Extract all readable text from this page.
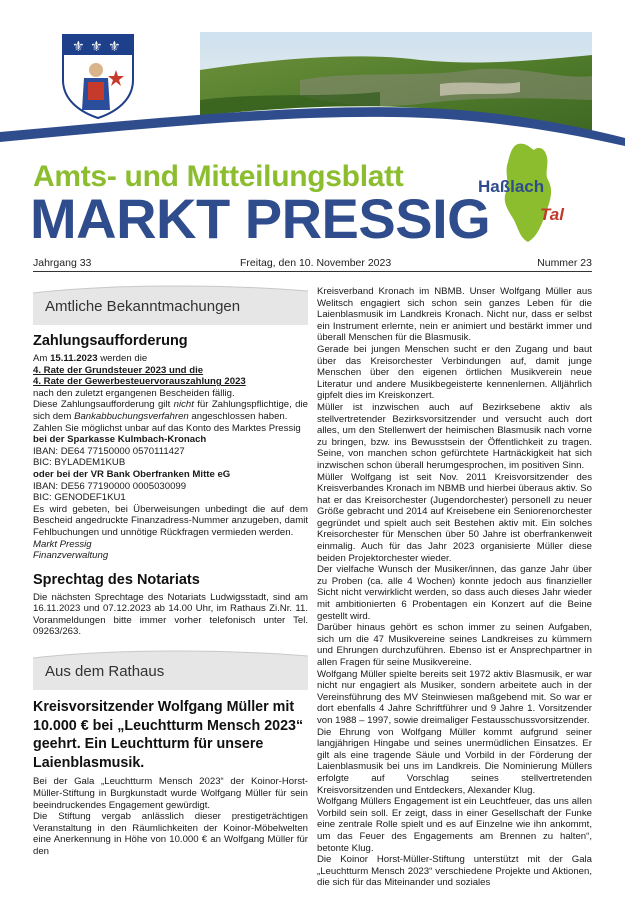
⚜ ⚜ ⚜
Amts- und Mitteilungsblatt
MARKT PRESSIG
Haßlach
Tal
Jahrgang 33	Freitag, den 10. November 2023	Nummer 23
Amtliche Bekanntmachungen
Zahlungsaufforderung

Am 15.11.2023 werden die

4. Rate der Grundsteuer 2023 und die

4. Rate der Gewerbesteuervorauszahlung 2023

nach den zuletzt ergangenen Bescheiden fällig.

Diese Zahlungsaufforderung gilt nicht für Zahlungspflichtige, die sich dem Bankabbuchungsverfahren angeschlossen haben.

Zahlen Sie möglichst unbar auf das Konto des Marktes Pressig

bei der Sparkasse Kulmbach-Kronach

IBAN: DE64 77150000 0570111427

BIC: BYLADEM1KUB

oder bei der VR Bank Oberfranken Mitte eG

IBAN: DE56 77190000 0005030099

BIC: GENODEF1KU1

Es wird gebeten, bei Überweisungen unbedingt die auf dem Bescheid angedruckte Finanzadress-Nummer anzugeben, damit Fehlbuchungen und unnötige Rückfragen vermieden werden.

Markt Pressig

Finanzverwaltung

Sprechtag des Notariats

Die nächsten Sprechtage des Notariats Ludwigsstadt, sind am 16.11.2023 und 07.12.2023 ab 14.00 Uhr, im Rathaus Zi.Nr. 11. Voranmeldungen bitte immer vorher telefonisch unter Tel. 09263/263.

Aus dem Rathaus
Kreisvorsitzender Wolfgang Müller mit 10.000 € bei „Leuchtturm Mensch 2023“ geehrt. Ein Leuchtturm für unsere Laienblasmusik.

Bei der Gala „Leuchtturm Mensch 2023“ der Koinor-Horst-Müller-Stiftung in Burgkunstadt wurde Wolfgang Müller für sein beeindruckendes Engagement gewürdigt.

Die Stiftung vergab anlässlich dieser prestigeträchtigen Veranstaltung in den Räumlichkeiten der Koinor-Möbelwelten eine Anerkennung in Höhe von 10.000 € an Wolfgang Müller für den

Kreisverband Kronach im NBMB. Unser Wolfgang Müller aus Welitsch engagiert sich schon sein ganzes Leben für die Laienblasmusik im Landkreis Kronach. Nicht nur, dass er selbst ein Instrument erlernte, nein er animiert und bestärkt immer und überall Menschen für die Blasmusik.

Gerade bei jungen Menschen sucht er den Zugang und baut über das Kreisorchester Verbindungen auf, damit junge Menschen über den eigenen örtlichen Musikverein neue Literatur und andere Musikbegeisterte kennenlernen. Alljährlich gipfelt dies im Kreiskonzert.

Müller ist inzwischen auch auf Bezirksebene aktiv als stellvertretender Bezirksvorsitzender und versucht auch dort alles, um den Stellenwert der heimischen Blasmusik nach vorne zu bringen, bzw. ins Bewusstsein der Öffentlichkeit zu tragen. Seine, von manchen schon gefürchtete Hartnäckigkeit hat sich inzwischen schon überall herumgesprochen, im positiven Sinn.

Müller Wolfgang ist seit Nov. 2011 Kreisvorsitzender des Kreisverbandes Kronach im NBMB und hierbei überaus aktiv. So hat er das Kreisorchester (Jugendorchester) personell zu neuer Größe gebracht und 2014 auf Kreisebene ein Seniorenorchester gegründet und spielt auch seit Bestehen aktiv mit. Ein solches Kreisorchester für Menschen über 50 Jahre ist oberfrankenweit einmalig. Auch für das Jahr 2023 organisierte Müller diese beiden Projektorchester wieder.

Der vielfache Wunsch der Musiker/innen, das ganze Jahr über zu Proben (ca. alle 4 Wochen) konnte jedoch aus finanzieller Sicht nicht verwirklicht werden, so dass auch dieses Jahr wieder mit ambitionierten 6 Probentagen ein Konzert auf die Beine gestellt wird.

Darüber hinaus gehört es schon immer zu seinen Aufgaben, sich um die 47 Musikvereine seines Landkreises zu kümmern und Ehrungen durchzuführen. Ebenso ist er Ansprechpartner in allen Fragen für seine Musikvereine.

Wolfgang Müller spielte bereits seit 1972 aktiv Blasmusik, er war nicht nur engagiert als Musiker, sondern arbeitete auch in der Vereinsführung des MV Steinwiesen maßgebend mit. So war er dort ebenfalls 4 Jahre Schriftführer und 9 Jahre 1. Vorsitzender von 1988 – 1997, sowie dreimaliger Festausschussvorsitzender.

Die Ehrung von Wolfgang Müller kommt aufgrund seiner langjährigen Hingabe und seines unermüdlichen Einsatzes. Er gilt als eine tragende Säule und Vorbild in der Förderung der Laienblasmusik bei uns im Landkreis. Die Nominierung Müllers erfolgte auf Vorschlag seines stellvertretenden Kreisvorsitzenden und Entdeckers, Alexander Klug.

Wolfgang Müllers Engagement ist ein Leuchtfeuer, das uns allen Vorbild sein soll. Er zeigt, dass in einer Gesellschaft der Funke eine zentrale Rolle spielt und es auf Einzelne wie ihn ankommt, um das Feuer des Engagements am Brennen zu halten“, betonte Klug.

Die Koinor Horst-Müller-Stiftung unterstützt mit der Gala „Leuchtturm Mensch 2023“ verschiedene Projekte und Aktionen, die sich für das Miteinander und soziales
